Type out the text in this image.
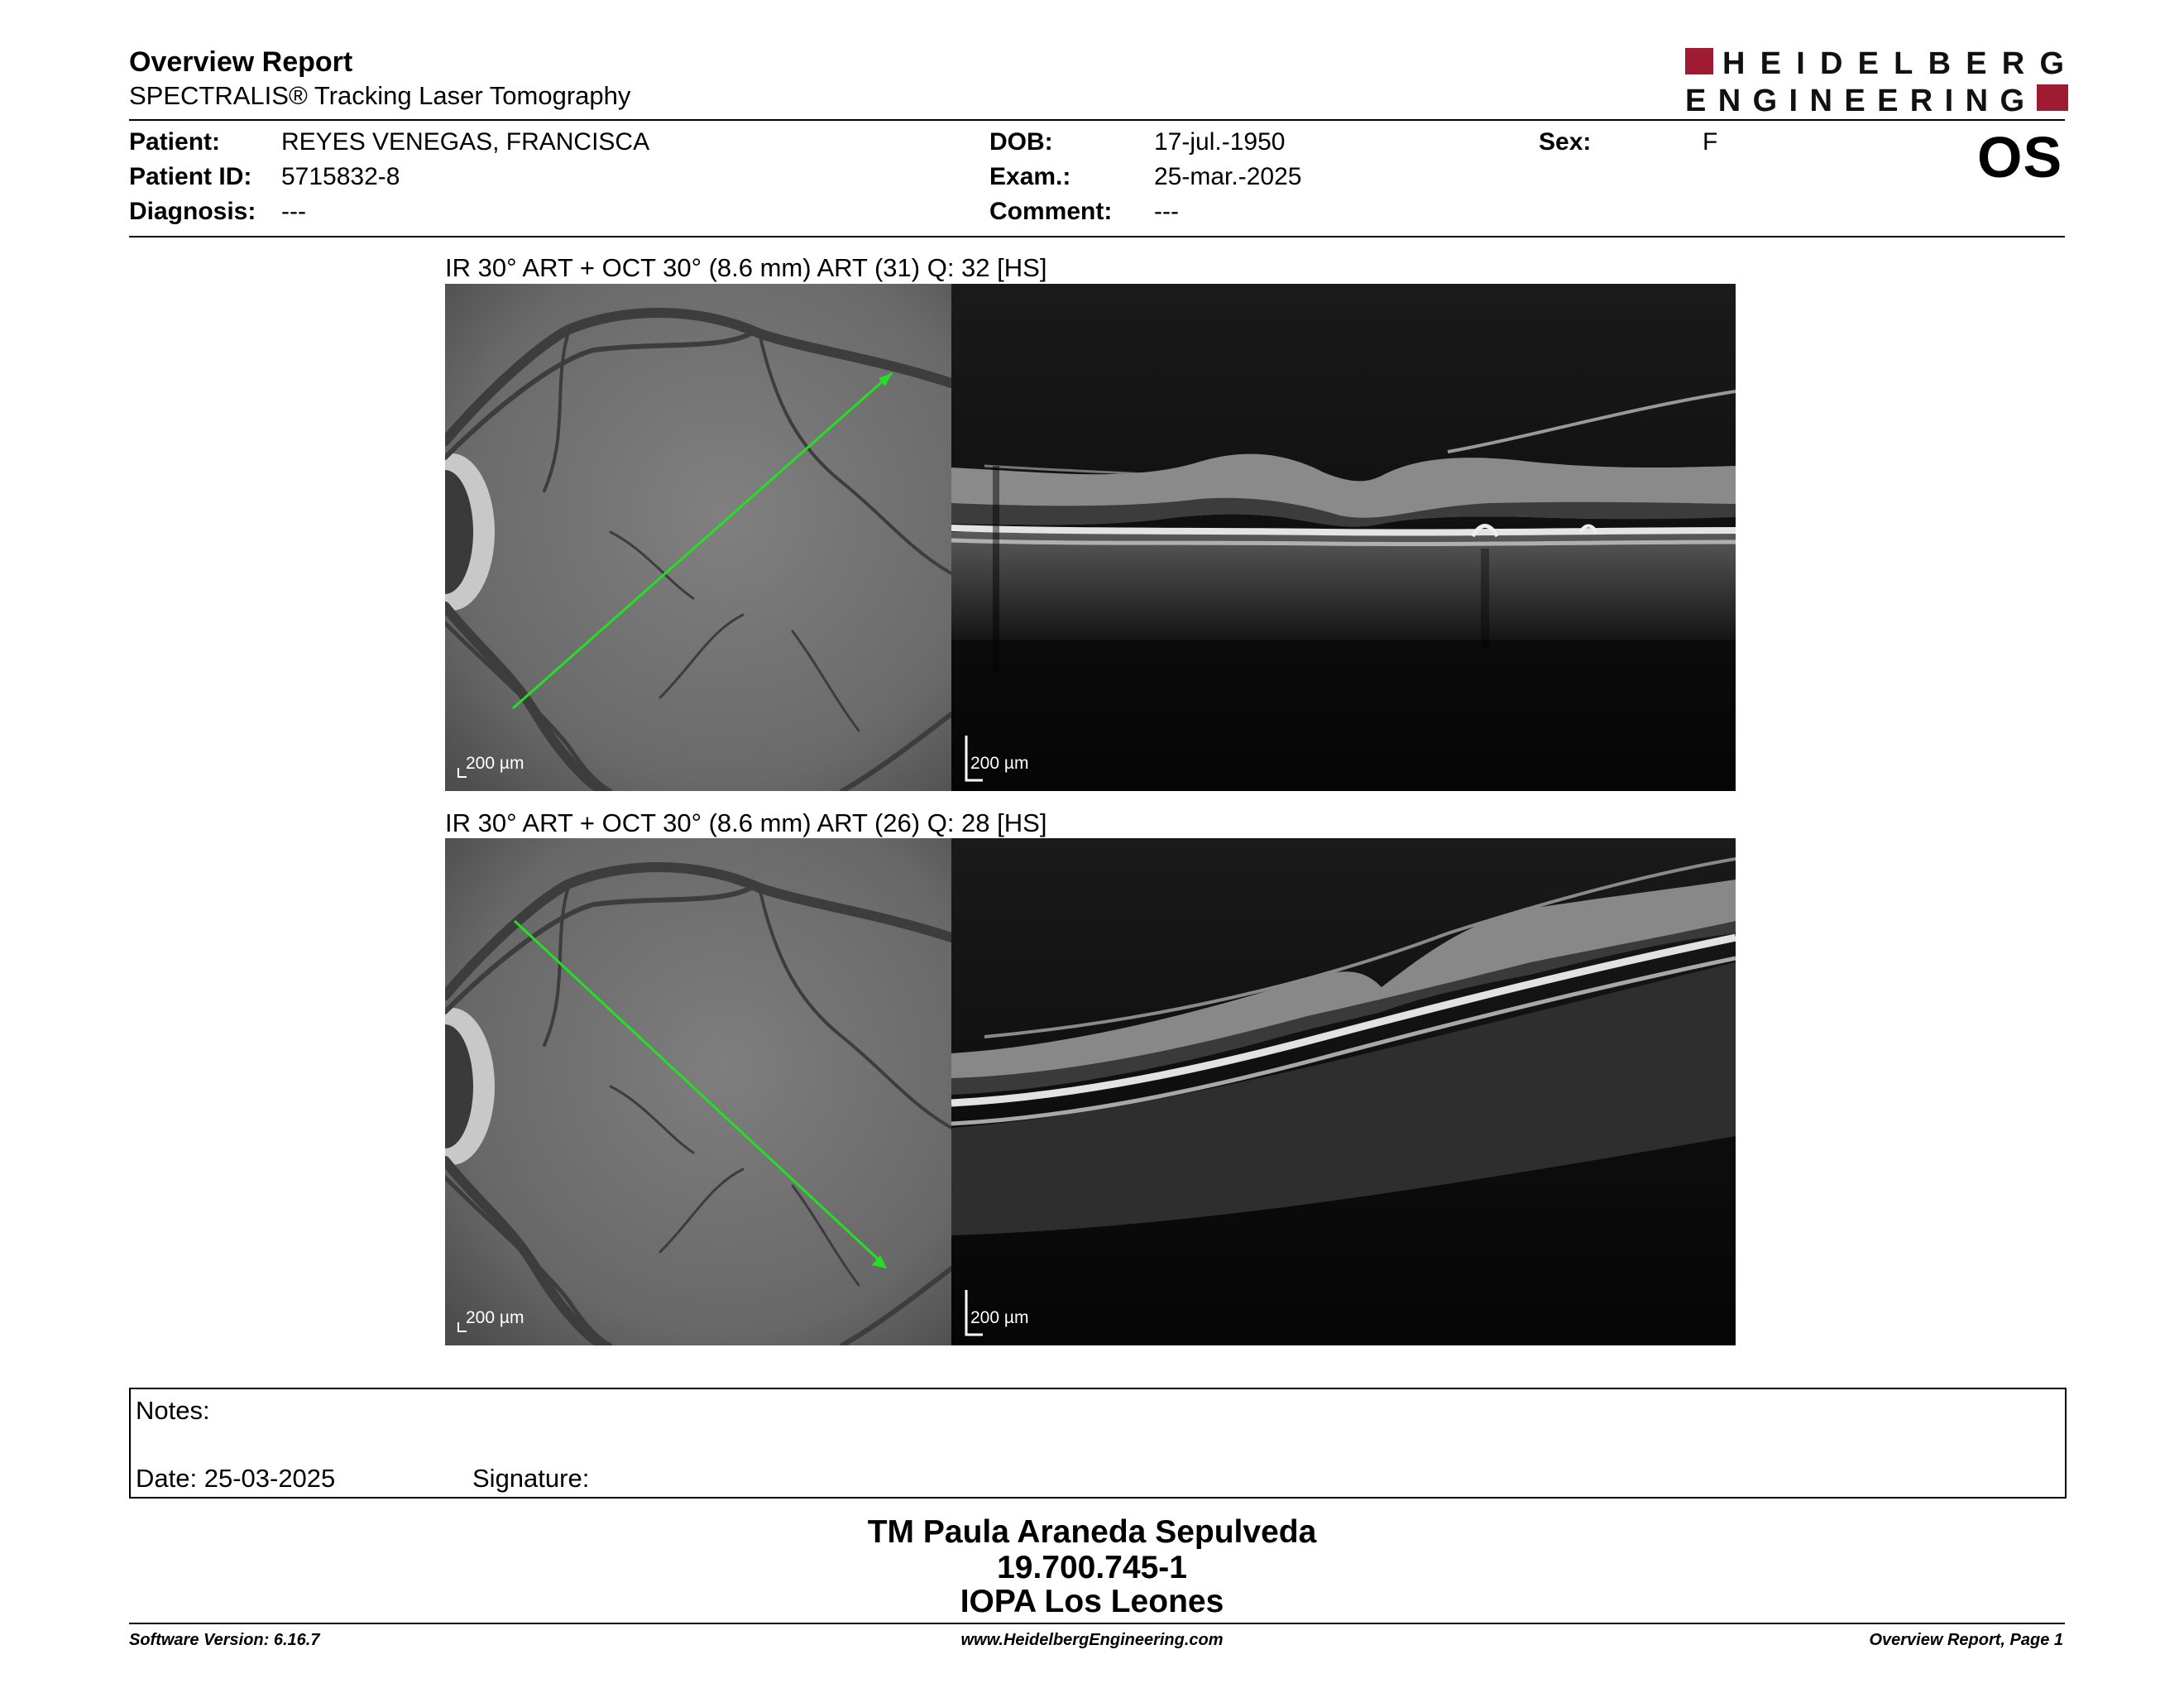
Overview Report
SPECTRALIS® Tracking Laser Tomography
HEIDELBERG
ENGINEERING
OS
Patient: REYES VENEGAS, FRANCISCA
Patient ID: 5715832-8
Diagnosis: ---
DOB:	17-jul.-1950
Exam.:	25-mar.-2025
Comment: ---
Sex:	F
IR 30° ART + OCT 30° (8.6 mm) ART (31) Q: 32 [HS]
200 µm	200 µm
IR 30° ART + OCT 30° (8.6 mm) ART (26) Q: 28 [HS]
200 µm	200 µm
Notes:
Date: 25-03-2025	Signature:
TM Paula Araneda Sepulveda
19.700.745-1
IOPA Los Leones
Software Version: 6.16.7	www.HeidelbergEngineering.com	Overview Report, Page 1
